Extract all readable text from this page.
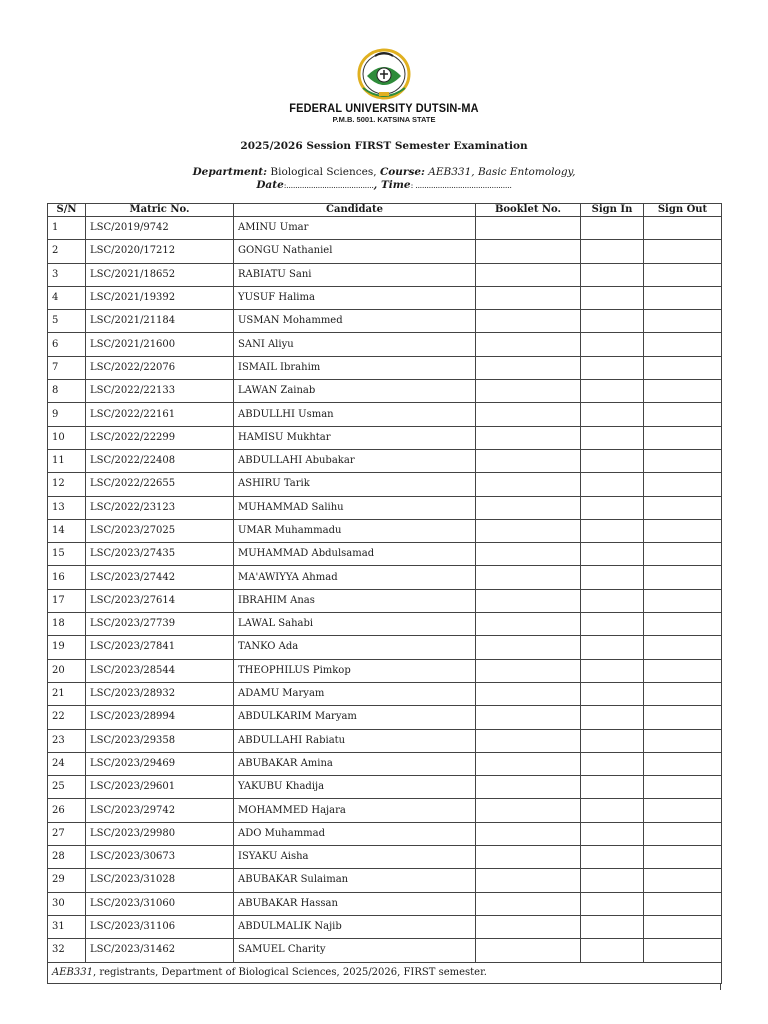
FEDERAL UNIVERSITY DUTSIN-MA
P.M.B. 5001. KATSINA STATE
2025/2026 Session FIRST Semester Examination
Department: Biological Sciences, Course: AEB331, Basic Entomology,
Date:......................................., Time: ...........................................
S/N	Matric No.	Candidate	Booklet No.	Sign In	Sign Out
1	LSC/2019/9742	AMINU Umar			
2	LSC/2020/17212	GONGU Nathaniel			
3	LSC/2021/18652	RABIATU Sani			
4	LSC/2021/19392	YUSUF Halima			
5	LSC/2021/21184	USMAN Mohammed			
6	LSC/2021/21600	SANI Aliyu			
7	LSC/2022/22076	ISMAIL Ibrahim			
8	LSC/2022/22133	LAWAN Zainab			
9	LSC/2022/22161	ABDULLHI Usman			
10	LSC/2022/22299	HAMISU Mukhtar			
11	LSC/2022/22408	ABDULLAHI Abubakar			
12	LSC/2022/22655	ASHIRU Tarik			
13	LSC/2022/23123	MUHAMMAD Salihu			
14	LSC/2023/27025	UMAR Muhammadu			
15	LSC/2023/27435	MUHAMMAD Abdulsamad			
16	LSC/2023/27442	MA'AWIYYA Ahmad			
17	LSC/2023/27614	IBRAHIM Anas			
18	LSC/2023/27739	LAWAL Sahabi			
19	LSC/2023/27841	TANKO Ada			
20	LSC/2023/28544	THEOPHILUS Pimkop			
21	LSC/2023/28932	ADAMU Maryam			
22	LSC/2023/28994	ABDULKARIM Maryam			
23	LSC/2023/29358	ABDULLAHI Rabiatu			
24	LSC/2023/29469	ABUBAKAR Amina			
25	LSC/2023/29601	YAKUBU Khadija			
26	LSC/2023/29742	MOHAMMED Hajara			
27	LSC/2023/29980	ADO Muhammad			
28	LSC/2023/30673	ISYAKU Aisha			
29	LSC/2023/31028	ABUBAKAR Sulaiman			
30	LSC/2023/31060	ABUBAKAR Hassan			
31	LSC/2023/31106	ABDULMALIK Najib			
32	LSC/2023/31462	SAMUEL Charity			
AEB331, registrants, Department of Biological Sciences, 2025/2026, FIRST semester.					
